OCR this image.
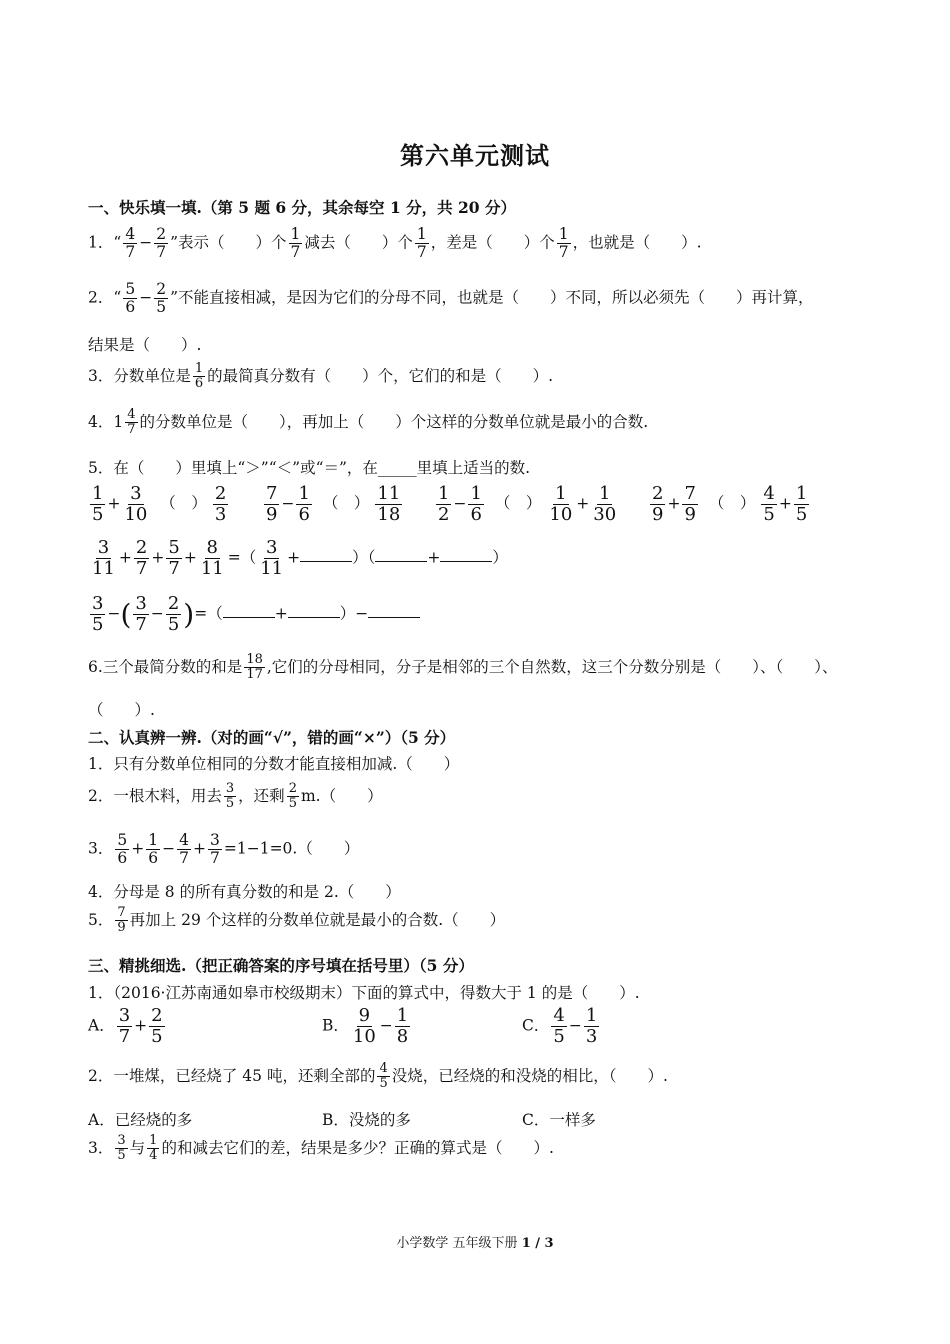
第六单元测试
一、快乐填一填.（第 5 题 6 分，其余每空 1 分，共 20 分）
1．“ $\frac{4}{7} - \frac{2}{7}$ ”表示（　　）个 $\frac{1}{7}$ 减去（　　）个 $\frac{1}{7}$ ，差是（　　）个 $\frac{1}{7}$ ，也就是（　　）.
2．“ $\frac{5}{6} - \frac{2}{5}$ ”不能直接相减，是因为它们的分母不同，也就是（　　）不同，所以必须先（　　）再计算，
结果是（　　）.
3．分数单位是 $\frac{1}{6}$ 的最简真分数有（　　）个，它们的和是（　　）.
4．$1 \frac{4}{7}$ 的分数单位是（　　），再加上（　　）个这样的分数单位就是最小的合数.
5．在（　　）里填上“＞”“＜”或“＝”，在_____里填上适当的数.
$\frac{1}{5} + \frac{3}{10}$ （　 ） $\frac{2}{3} \frac{7}{9} - \frac{1}{6}$ （　 ） $\frac{11}{18} \frac{1}{2} - \frac{1}{6}$ （　 ） $\frac{1}{10} + \frac{1}{30} \frac{2}{9} + \frac{7}{9}$ （　 ） $\frac{4}{5} + \frac{1}{5}$
$\frac{3}{11} + \frac{2}{7} + \frac{5}{7} + \frac{8}{11}$ =（ $\frac{3}{11}$ +	）（	+	）
$\frac{3}{5}$ −( $\frac{3}{7} - \frac{2}{5}$ )=（	+	）−
6.三个最简分数的和是 $\frac{18}{17}$ ,它们的分母相同，分子是相邻的三个自然数，这三个分数分别是（　　）、（　　）、
（　　）.
二、认真辨一辨.（对的画“√”，错的画“×”）（5 分）
1．只有分数单位相同的分数才能直接相加减.（　　）
2．一根木料，用去 $\frac{3}{5}$ ，还剩 $\frac{2}{5} m$.（　　）
3． $\frac{5}{6} + \frac{1}{6} - \frac{4}{7} + \frac{3}{7} =1-1=0$.（　　）
4．分母是 8 的所有真分数的和是 2.（　　）
5． $\frac{7}{9}$ 再加上 29 个这样的分数单位就是最小的合数.（　　）
三、精挑细选.（把正确答案的序号填在括号里）（5 分）
1．（2016·江苏南通如皋市校级期末）下面的算式中，得数大于 1 的是（　　）.
A． $\frac{3}{7} + \frac{2}{5}$	B． $\frac{9}{10} - \frac{1}{8}$	C． $\frac{4}{5} - \frac{1}{3}$
2．一堆煤，已经烧了 45 吨，还剩全部的 $\frac{4}{5}$ 没烧，已经烧的和没烧的相比，（　　）.
A．已经烧的多	B．没烧的多	C．一样多
3． $\frac{3}{5}$ 与 $\frac{1}{4}$ 的和减去它们的差，结果是多少？正确的算式是（　　）.
小学数学 五年级下册 1 / 3
